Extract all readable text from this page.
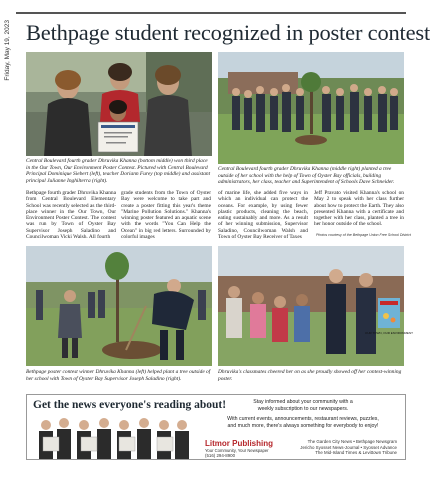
Friday, May 19, 2023 Bethpage student recognized in poster contest
Central Boulevard fourth grader Dhruvika Khanna (bottom middle) won third place in the Our Town, Our Environment Poster Contest. Pictured with Central Boulevard Principal Dominique Siebert (left), teacher Doriann Furey (top middle) and assistant principal Julianne Inghilterra (right).
Central Boulevard fourth grader Dhruvika Khanna (middle right) planted a tree outside of her school with the help of Town of Oyster Bay officials, building administrators, her class, teacher and Superintendent of Schools Dave Schneider.
Bethpage fourth grader Dhruvika Khanna from Central Boulevard Elementary School was recently selected as the third-place winner in the Our Town, Our Environment Poster Contest. The contest was run by Town of Oyster Bay Supervisor Joseph Saladino and Councilwoman Vicki Walsh. All fourth
grade students from the Town of Oyster Bay were welcome to take part and create a poster fitting this year's theme "Marine Pollution Solutions." Khanna's winning poster featured an aquatic scene with the words "You Can Help the Ocean" in big red letters. Surrounded by colorful images
of marine life, she added five ways in which an individual can protect the oceans. For example, by using fewer plastic products, cleaning the beach, eating sustainably and more. As a result of her winning submission, Supervisor Saladino, Councilwoman Walsh and Town of Oyster Bay Receiver of Taxes
Jeff Pravato visited Khanna's school on May 2 to speak with her class further about how to protect the Earth. They also presented Khanna with a certificate and together with her class, planted a tree in her honor outside of the school.
Photos courtesy of the Bethpage Union Free School District
Bethpage poster contest winner Dhruvika Khanna (left) helped plant a tree outside of her school with Town of Oyster Bay Supervisor Joseph Saladino (right).
OUR TOWN, OUR ENVIRONMENT
Dhruvika's classmates cheered her on as she proudly showed off her contest-winning poster.
Get the news everyone's reading about!	Stay informed about your community with a
weekly subscription to our newspapers.
With current events, announcements, restaurant reviews, puzzles,
and much more, there's always something for everybody to enjoy!
Litmor Publishing
Your Community, Your Newspaper
(516) 294-8900
The Garden City News • Bethpage Newsgram
Jericho Syosset News-Journal • Syosset Advance
The Mid-Island Times & Levittown Tribune
